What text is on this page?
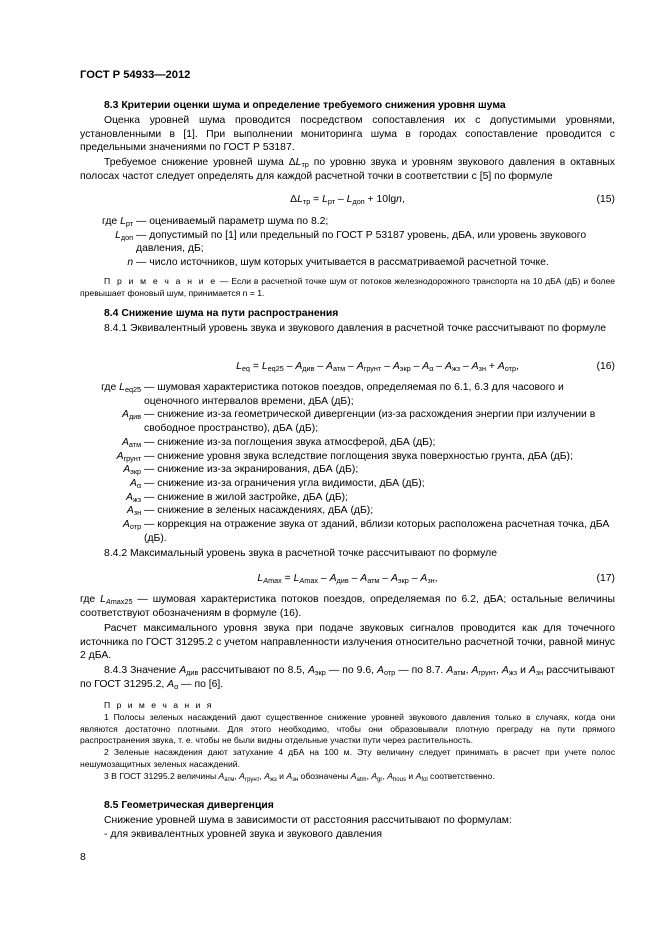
ГОСТ Р 54933—2012
8.3 Критерии оценки шума и определение требуемого снижения уровня шума

Оценка уровней шума проводится посредством сопоставления их с допустимыми уровнями, установленными в [1]. При выполнении мониторинга шума в городах сопоставление проводится с предельными значениями по ГОСТ Р 53187.

Требуемое снижение уровней шума $\Delta L_{тр}$ по уровню звука и уровням звукового давления в октавных полосах частот следует определять для каждой расчетной точки в соответствии с [5] по формуле

$\Delta L_{тр} = L_{рт} - L_{доп} + 10\lg n$,	(15)
где $L_{рт}$ — оцениваемый параметр шума по 8.2;
$L_{доп}$ — допустимый по [1] или предельный по ГОСТ Р 53187 уровень, дБА, или уровень звукового давления, дБ;
n — число источников, шум которых учитывается в рассматриваемой расчетной точке.
П р и м е ч а н и е — Если в расчетной точке шум от потоков железнодорожного транспорта на 10 дБА (дБ) и более превышает фоновый шум, принимается n = 1.
8.4 Снижение шума на пути распространения

8.4.1 Эквивалентный уровень звука и звукового давления в расчетной точке рассчитывают по формуле

$L_{eq} = L_{eq25} - A_{див} - A_{атм} - A_{грунт} - A_{экр} - A_\alpha - A_{жз} - A_{зн} + A_{отр}$,	(16)
где $L_{eq25}$ — шумовая характеристика потоков поездов, определяемая по 6.1, 6.3 для часового и оценочного интервалов времени, дБА (дБ);
$A_{див}$ — снижение из-за геометрической дивергенции (из-за расхождения энергии при излучении в свободное пространство), дБА (дБ);
$A_{атм}$ — снижение из-за поглощения звука атмосферой, дБА (дБ);
$A_{грунт}$ — снижение уровня звука вследствие поглощения звука поверхностью грунта, дБА (дБ);
$A_{экр}$ — снижение из-за экранирования, дБА (дБ);
$A_\alpha$ — снижение из-за ограничения угла видимости, дБА (дБ);
$A_{жз}$ — снижение в жилой застройке, дБА (дБ);
$A_{зн}$ — снижение в зеленых насаждениях, дБА (дБ);
$A_{отр}$ — коррекция на отражение звука от зданий, вблизи которых расположена расчетная точка, дБА (дБ).

8.4.2 Максимальный уровень звука в расчетной точке рассчитывают по формуле

$L_{Amax} = L_{Amax} - A_{див} - A_{атм} - A_{экр} - A_{зн}$,	(17)

где $L_{Amax25}$ — шумовая характеристика потоков поездов, определяемая по 6.2, дБА; остальные величины соответствуют обозначениям в формуле (16).

Расчет максимального уровня звука при подаче звуковых сигналов проводится как для точечного источника по ГОСТ 31295.2 с учетом направленности излучения относительно расчетной точки, равной минус 2 дБА.

8.4.3 Значение $A_{див}$ рассчитывают по 8.5, $A_{экр}$ — по 9.6, $A_{отр}$ — по 8.7. $A_{атм}$, $A_{грунт}$, $A_{жз}$ и $A_{зн}$ рассчитывают по ГОСТ 31295.2, $A_\alpha$ — по [6].

П р и м е ч а н и я
1 Полосы зеленых насаждений дают существенное снижение уровней звукового давления только в случаях, когда они являются достаточно плотными. Для этого необходимо, чтобы они образовывали плотную преграду на пути прямого распространения звука, т. е. чтобы не были видны отдельные участки пути через растительность.
2 Зеленые насаждения дают затухание 4 дБА на 100 м. Эту величину следует принимать в расчет при учете полос нешумозащитных зеленых насаждений.
3 В ГОСТ 31295.2 величины $A_{атм}$, $A_{грунт}$, $A_{жз}$ и $A_{зн}$ обозначены $A_{atm}$, $A_{gr}$, $A_{hous}$ и $A_{fol}$ соответственно.
8.5 Геометрическая дивергенция

Снижение уровней шума в зависимости от расстояния рассчитывают по формулам:

- для эквивалентных уровней звука и звукового давления

8
